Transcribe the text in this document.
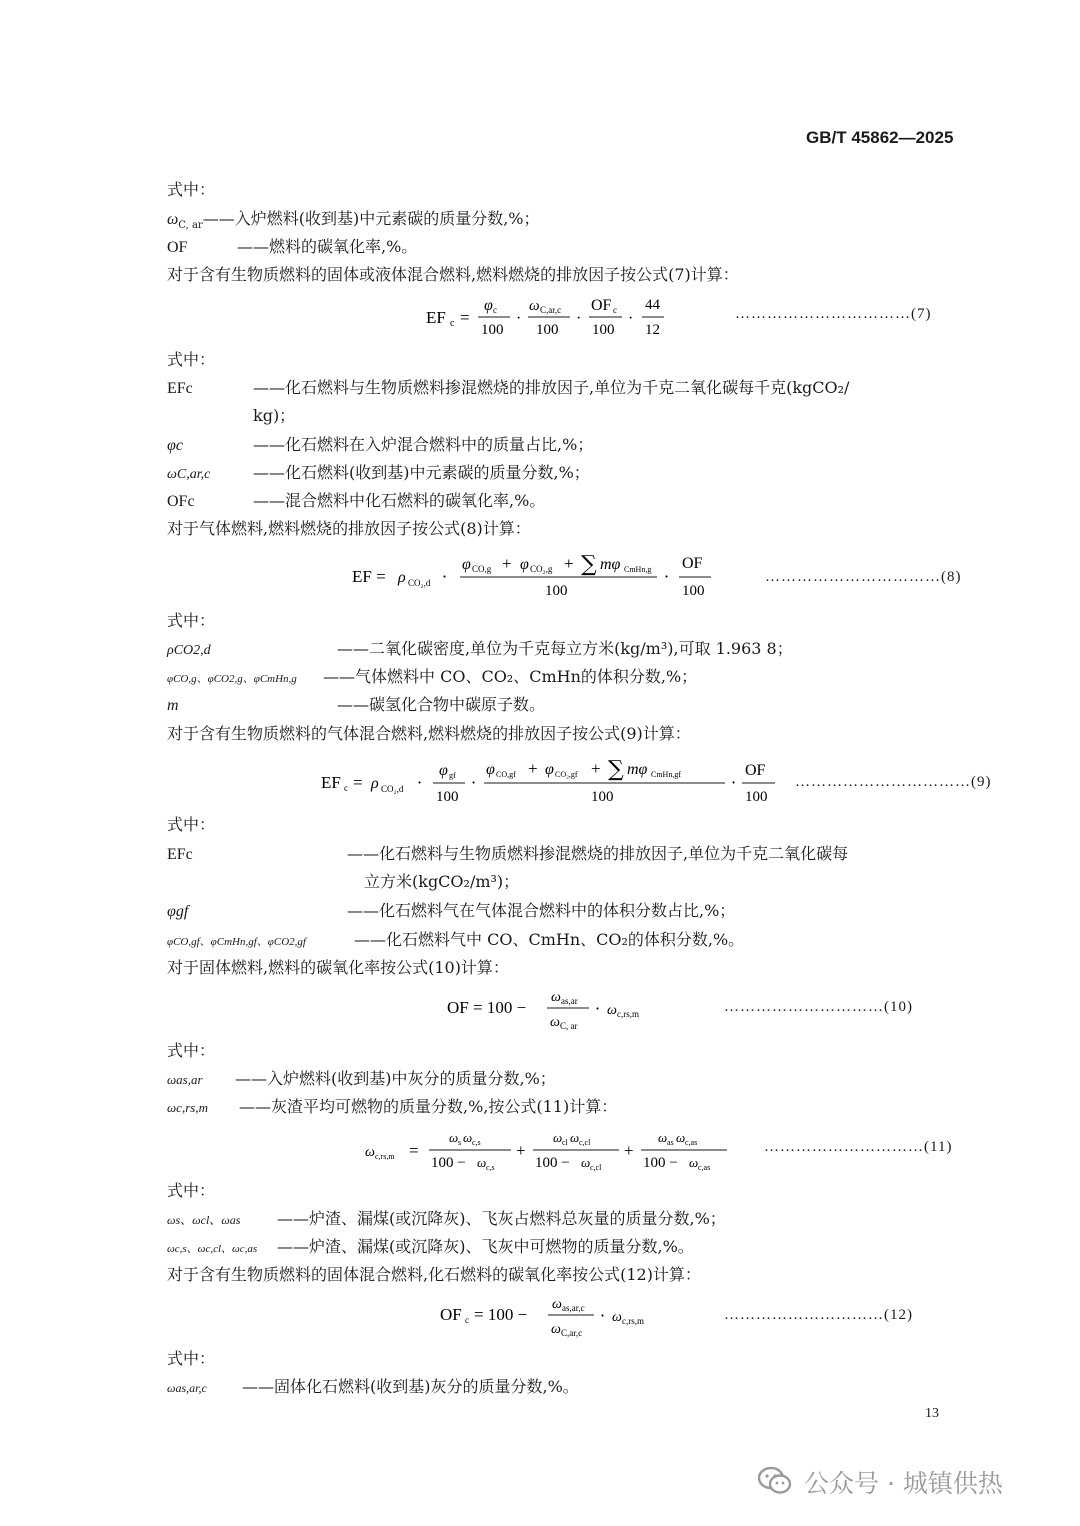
GB/T 45862—2025
式中：
$\omega_{C, ar}——$入炉燃料(收到基)中元素碳的质量分数,%；
OF	——燃料的碳氧化率,%。
对于含有生物质燃料的固体或液体混合燃料,燃料燃烧的排放因子按公式(7)计算：
EF c =
φ c
100
·
ω C,ar,c
100
·
OF c
100
·
44
12
……………………………(7)
式中：
EFc	——化石燃料与生物质燃料掺混燃烧的排放因子,单位为千克二氧化碳每千克(kgCO₂/
kg)；
φc	——化石燃料在入炉混合燃料中的质量占比,%；
ωC,ar,c	——化石燃料(收到基)中元素碳的质量分数,%；
OFc	——混合燃料中化石燃料的碳氧化率,%。
对于气体燃料,燃料燃烧的排放因子按公式(8)计算：
EF = ρ CO₂,d ·
φ CO,g + φ CO₂,g + ∑ mφ CmHn,g
100
·
OF
100
……………………………(8)
式中：
ρCO2,d	——二氧化碳密度,单位为千克每立方米(kg/m³),可取 1.963 8；
φCO,g、φCO2,g、φCmHn,g ——气体燃料中 CO、CO₂、CmHn的体积分数,%；
m	——碳氢化合物中碳原子数。
对于含有生物质燃料的气体混合燃料,燃料燃烧的排放因子按公式(9)计算：
EF c = ρ CO₂,d ·
φ gf
100
·
φ CO,gf + φ CO₂,gf + ∑ mφ CmHn,gf
100
·
OF
100
……………………………(9)
式中：
EFc	——化石燃料与生物质燃料掺混燃烧的排放因子,单位为千克二氧化碳每
立方米(kgCO₂/m³)；
φgf	——化石燃料气在气体混合燃料中的体积分数占比,%；
φCO,gf、φCmHn,gf、φCO2,gf	——化石燃料气中 CO、CmHn、CO₂的体积分数,%。
对于固体燃料,燃料的碳氧化率按公式(10)计算：
OF = 100 −
ω as,ar
ω C, ar
· ω c,rs,m	…………………………(10)
式中：
ωas,ar ——入炉燃料(收到基)中灰分的质量分数,%；
ωc,rs,m ——灰渣平均可燃物的质量分数,%,按公式(11)计算：
ω c,rs,m =
ω s ω c,s
100 − ω c,s
+
ω cl ω c,cl
100 − ω c,cl
+
ω as ω c,as
100 − ω c,as
…………………………(11)
式中：
ωs、ωcl、ωas ——炉渣、漏煤(或沉降灰)、飞灰占燃料总灰量的质量分数,%；
ωc,s、ωc,cl、ωc,as ——炉渣、漏煤(或沉降灰)、飞灰中可燃物的质量分数,%。
对于含有生物质燃料的固体混合燃料,化石燃料的碳氧化率按公式(12)计算：
OF c = 100 −
ω as,ar,c
ω C,ar,c
· ω c,rs,m	…………………………(12)
式中：
ωas,ar,c ——固体化石燃料(收到基)灰分的质量分数,%。
13
公众号 · 城镇供热
